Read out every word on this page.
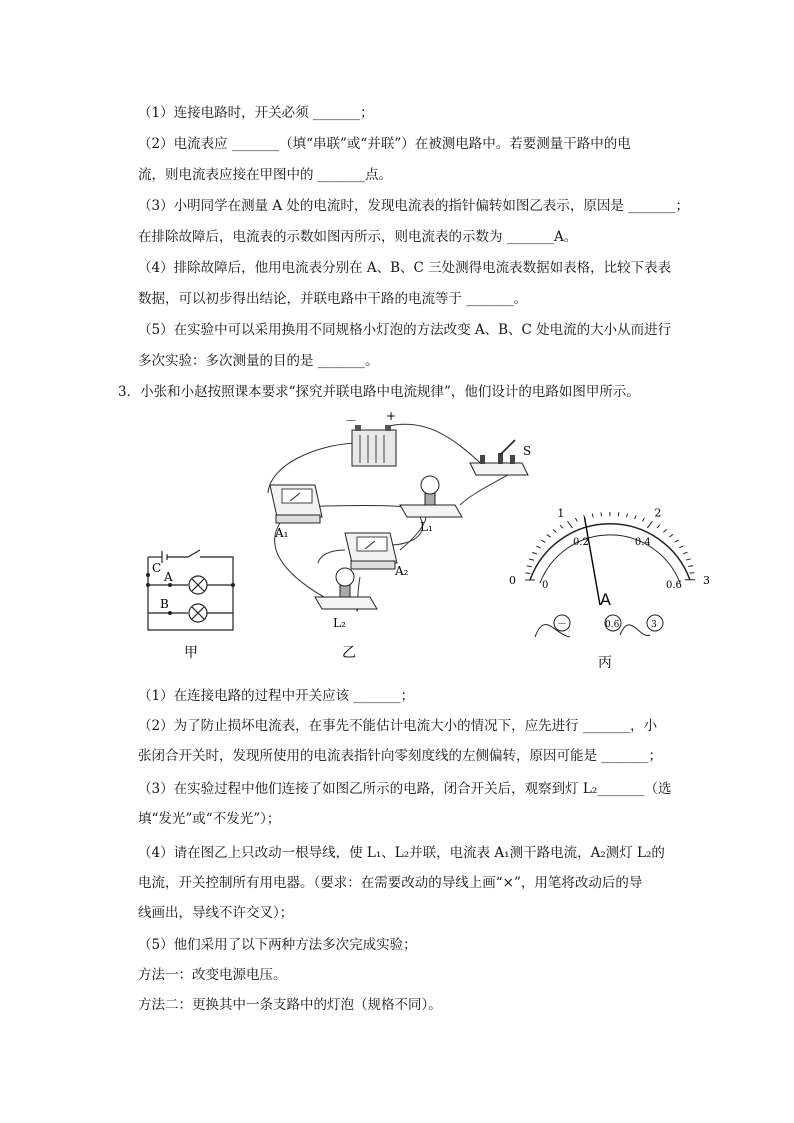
（1）连接电路时，开关必须 _______；
（2）电流表应 _______（填“串联”或“并联”）在被测电路中。若要测量干路中的电
流，则电流表应接在甲图中的 _______点。
（3）小明同学在测量 A 处的电流时，发现电流表的指针偏转如图乙表示，原因是 _______；
在排除故障后，电流表的示数如图丙所示，则电流表的示数为 _______A。
（4）排除故障后，他用电流表分别在 A、B、C 三处测得电流表数据如表格，比较下表表
数据，可以初步得出结论，并联电路中干路的电流等于 _______。
（5）在实验中可以采用换用不同规格小灯泡的方法改变 A、B、C 处电流的大小从而进行
多次实验：多次测量的目的是 _______。
3．小张和小赵按照课本要求“探究并联电路中电流规律”，他们设计的电路如图甲所示。
C
A
B
甲
－ +
S
A₁
A₂
L₁
L₂
乙
0
1	2
3
0
0.2	0.4
0.6
A
－	0.6	3
丙
（1）在连接电路的过程中开关应该 _______；
（2）为了防止损坏电流表，在事先不能估计电流大小的情况下，应先进行 _______，小
张闭合开关时，发现所使用的电流表指针向零刻度线的左侧偏转，原因可能是 _______；
（3）在实验过程中他们连接了如图乙所示的电路，闭合开关后，观察到灯 L₂_______（选
填“发光”或“不发光”）；
（4）请在图乙上只改动一根导线，使 L₁、L₂并联，电流表 A₁测干路电流，A₂测灯 L₂的
电流，开关控制所有用电器。（要求：在需要改动的导线上画“×”，用笔将改动后的导
线画出，导线不许交叉）；
（5）他们采用了以下两种方法多次完成实验；
方法一：改变电源电压。
方法二：更换其中一条支路中的灯泡（规格不同）。
